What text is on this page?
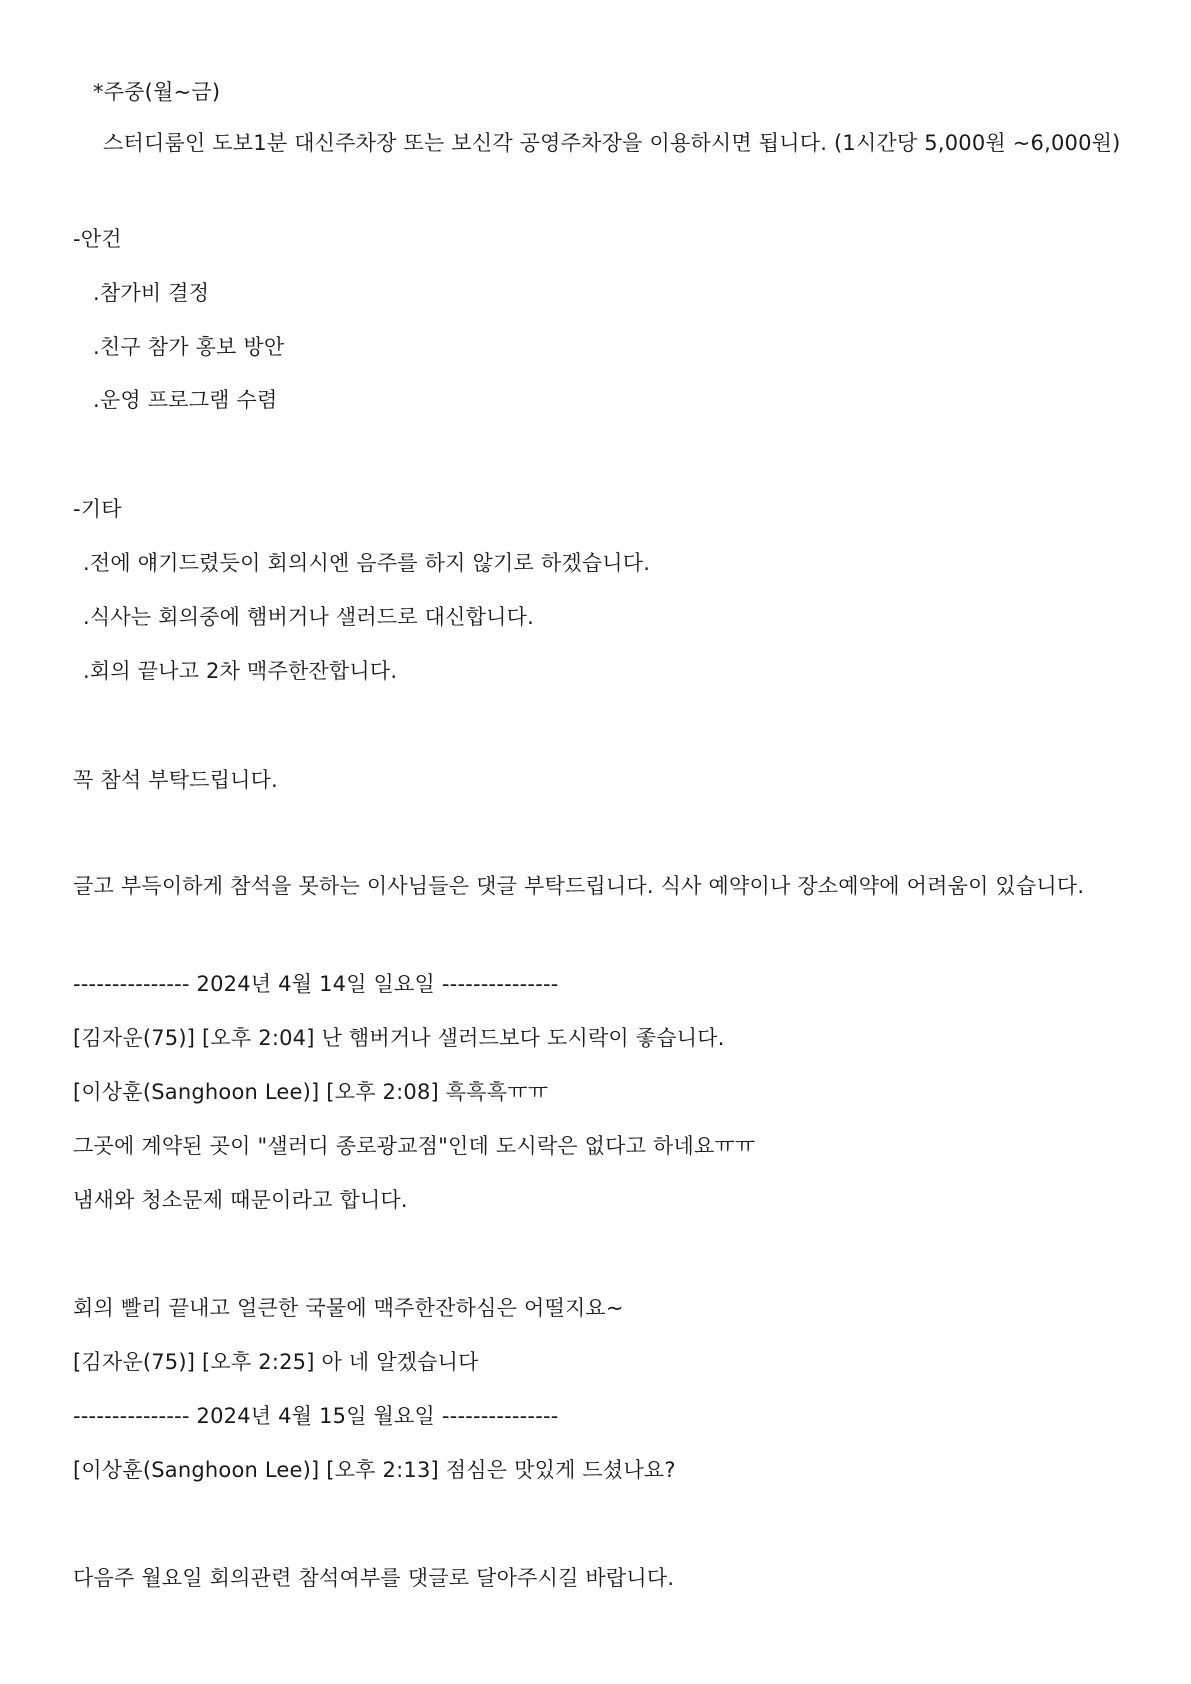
*주중(월~금)
스터디룸인 도보1분 대신주차장 또는 보신각 공영주차장을 이용하시면 됩니다. (1시간당 5,000원 ~6,000원)
-안건
.참가비 결정
.친구 참가 홍보 방안
.운영 프로그램 수렴
-기타
.전에 얘기드렸듯이 회의시엔 음주를 하지 않기로 하겠습니다.
.식사는 회의중에 햄버거나 샐러드로 대신합니다.
.회의 끝나고 2차 맥주한잔합니다.
꼭 참석 부탁드립니다.
글고 부득이하게 참석을 못하는 이사님들은 댓글 부탁드립니다. 식사 예약이나 장소예약에 어려움이 있습니다.
--------------- 2024년 4월 14일 일요일 ---------------
[김자운(75)] [오후 2:04] 난 햄버거나 샐러드보다 도시락이 좋습니다.
[이상훈(Sanghoon Lee)] [오후 2:08] 흑흑흑ㅠㅠ
그곳에 계약된 곳이 "샐러디 종로광교점"인데 도시락은 없다고 하네요ㅠㅠ
냄새와 청소문제 때문이라고 합니다.
회의 빨리 끝내고 얼큰한 국물에 맥주한잔하심은 어떨지요~
[김자운(75)] [오후 2:25] 아 네 알겠습니다
--------------- 2024년 4월 15일 월요일 ---------------
[이상훈(Sanghoon Lee)] [오후 2:13] 점심은 맛있게 드셨나요?
다음주 월요일 회의관련 참석여부를 댓글로 달아주시길 바랍니다.
